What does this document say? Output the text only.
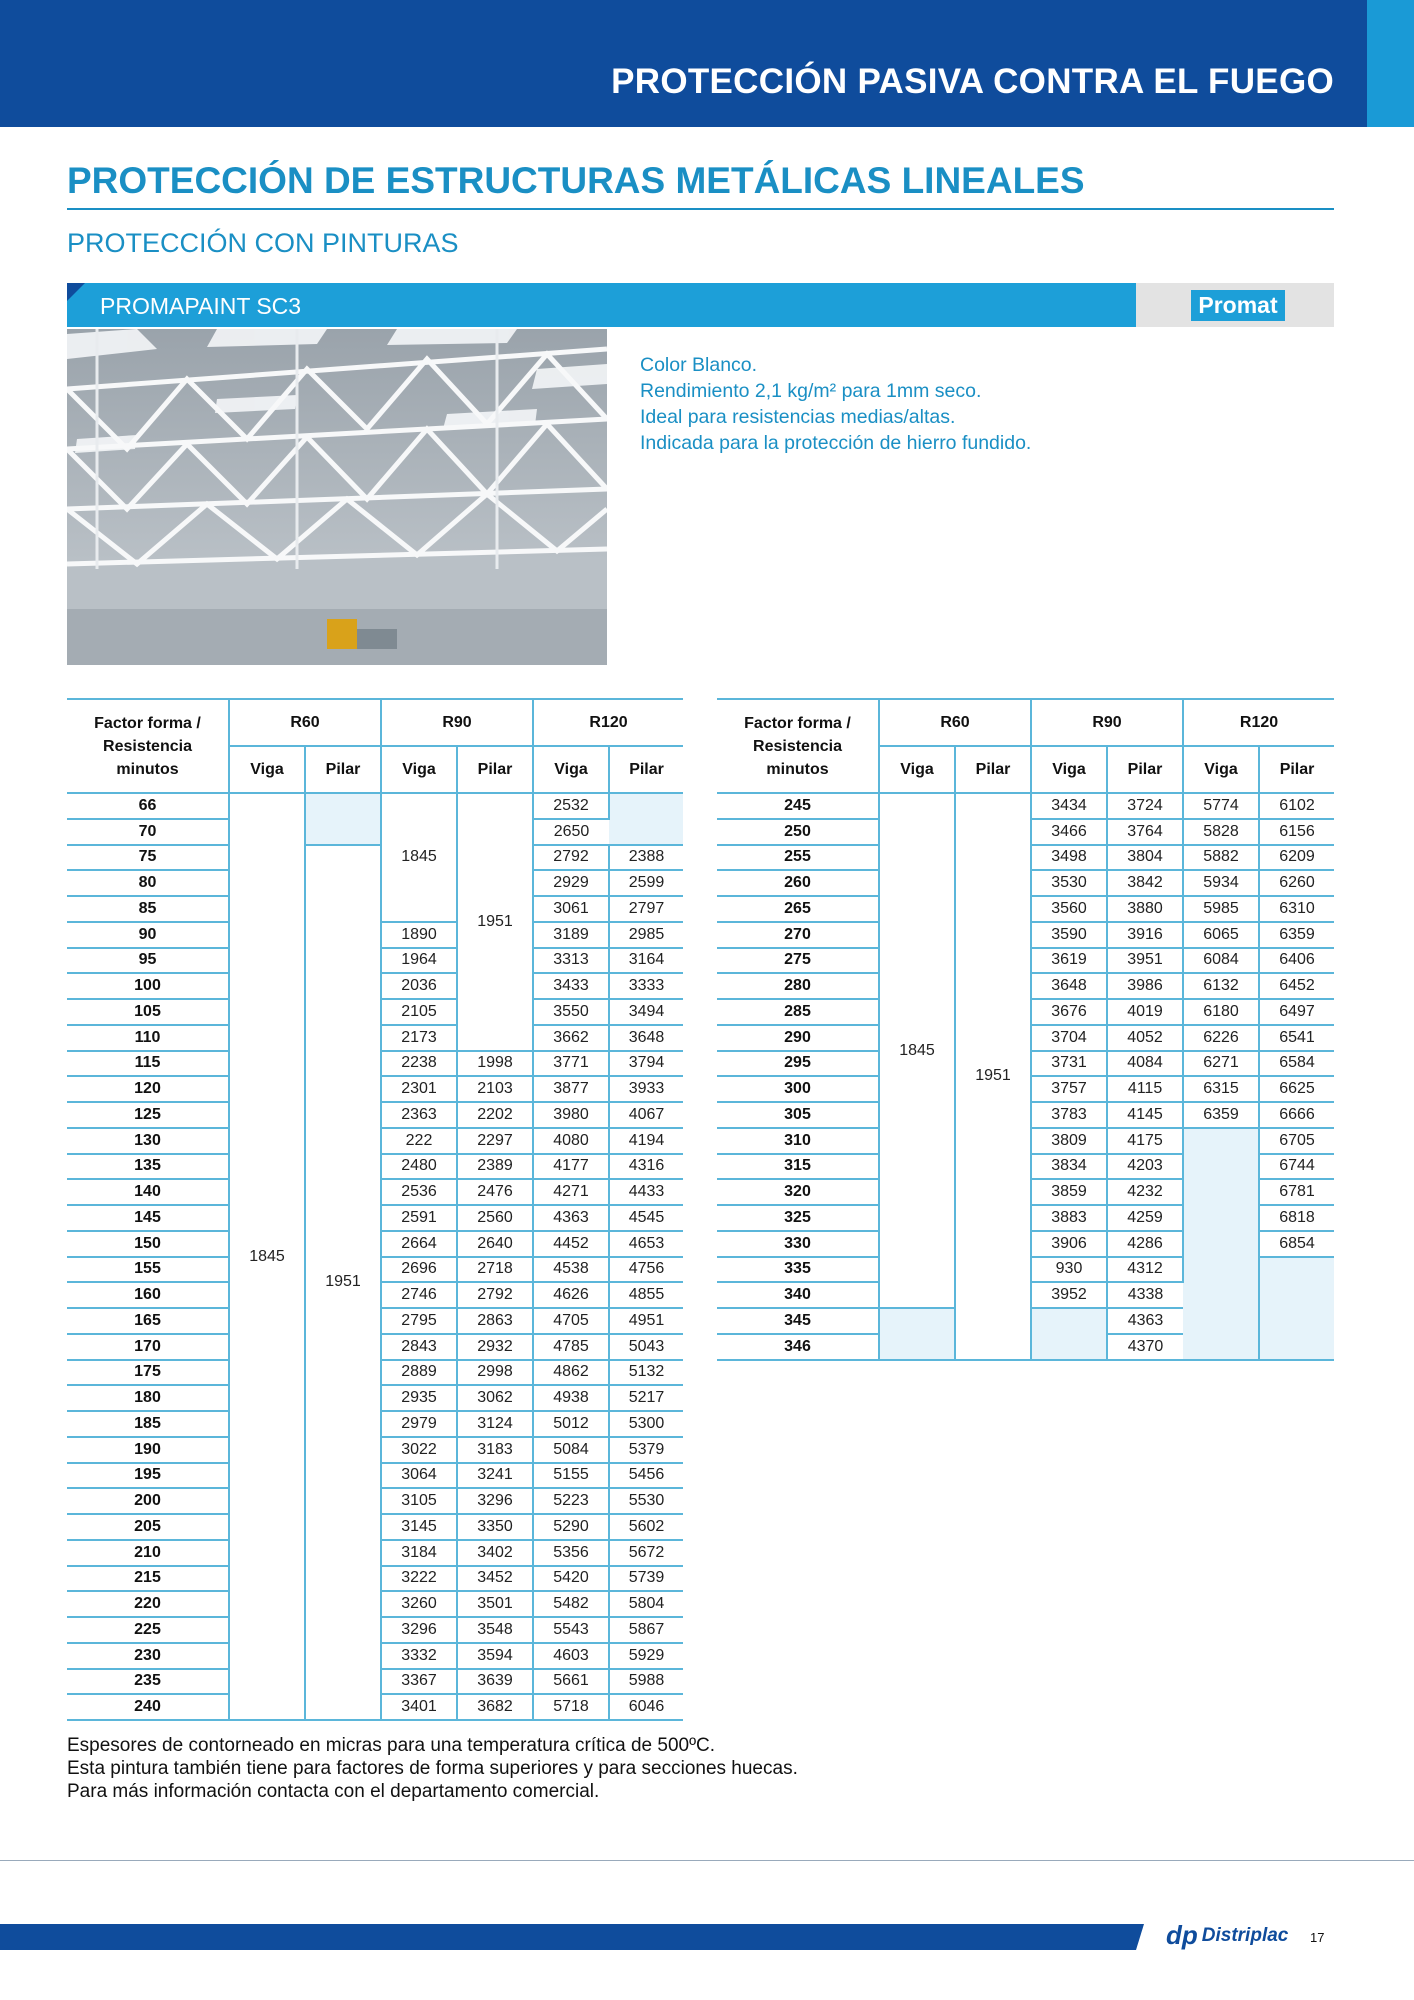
PROTECCIÓN PASIVA CONTRA EL FUEGO
PROTECCIÓN DE ESTRUCTURAS METÁLICAS LINEALES
PROTECCIÓN CON PINTURAS
PROMAPAINT SC3	Promat
Color Blanco.
Rendimiento 2,1 kg/m² para 1mm seco.
Ideal para resistencias medias/altas.
Indicada para la protección de hierro fundido.
Factor forma / Resistencia minutos	R60		R90		R120	
	Viga	Pilar	Viga	Pilar	Viga	Pilar
66	1845		1845	1951	2532	
70					2650	
75		1951			2792	2388
80					2929	2599
85					3061	2797
90			1890		3189	2985
95			1964		3313	3164
100			2036		3433	3333
105			2105		3550	3494
110			2173		3662	3648
115			2238	1998	3771	3794
120			2301	2103	3877	3933
125			2363	2202	3980	4067
130			222	2297	4080	4194
135			2480	2389	4177	4316
140			2536	2476	4271	4433
145			2591	2560	4363	4545
150			2664	2640	4452	4653
155			2696	2718	4538	4756
160			2746	2792	4626	4855
165			2795	2863	4705	4951
170			2843	2932	4785	5043
175			2889	2998	4862	5132
180			2935	3062	4938	5217
185			2979	3124	5012	5300
190			3022	3183	5084	5379
195			3064	3241	5155	5456
200			3105	3296	5223	5530
205			3145	3350	5290	5602
210			3184	3402	5356	5672
215			3222	3452	5420	5739
220			3260	3501	5482	5804
225			3296	3548	5543	5867
230			3332	3594	4603	5929
235			3367	3639	5661	5988
240			3401	3682	5718	6046
Factor forma / Resistencia minutos	R60		R90		R120	
	Viga	Pilar	Viga	Pilar	Viga	Pilar
245	1845	1951	3434	3724	5774	6102
250			3466	3764	5828	6156
255			3498	3804	5882	6209
260			3530	3842	5934	6260
265			3560	3880	5985	6310
270			3590	3916	6065	6359
275			3619	3951	6084	6406
280			3648	3986	6132	6452
285			3676	4019	6180	6497
290			3704	4052	6226	6541
295			3731	4084	6271	6584
300			3757	4115	6315	6625
305			3783	4145	6359	6666
310			3809	4175		6705
315			3834	4203		6744
320			3859	4232		6781
325			3883	4259		6818
330			3906	4286		6854
335			930	4312		
340			3952	4338		
345				4363		
346				4370		
Espesores de contorneado en micras para una temperatura crítica de 500ºC.
Esta pintura también tiene para factores de forma superiores y para secciones huecas.
Para más información contacta con el departamento comercial.
dp Distriplac 17
